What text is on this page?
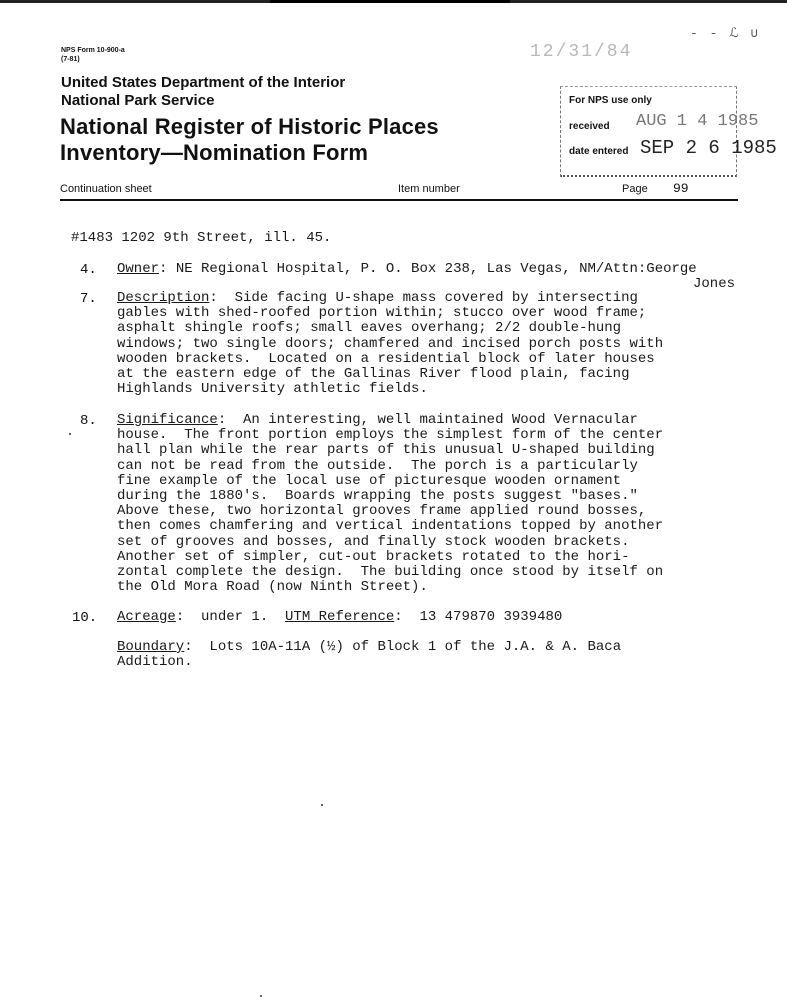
NPS Form 10-900-a
(7-81)	12/31/84
- - ℒ ∪
United States Department of the Interior
National Park Service
National Register of Historic Places
Inventory—Nomination Form
For NPS use only
received AUG 1 4 1985
date entered SEP 2 6 1985
Continuation sheet	Item number	Page 99
#1483 1202 9th Street, ill. 45.
4. Owner: NE Regional Hospital, P. O. Box 238, Las Vegas, NM/Attn:George
Jones
7. Description:  Side facing U-shape mass covered by intersecting
gables with shed-roofed portion within; stucco over wood frame;
asphalt shingle roofs; small eaves overhang; 2/2 double-hung
windows; two single doors; chamfered and incised porch posts with
wooden brackets.  Located on a residential block of later houses
at the eastern edge of the Gallinas River flood plain, facing
Highlands University athletic fields.
8. Significance:  An interesting, well maintained Wood Vernacular
house.  The front portion employs the simplest form of the center
hall plan while the rear parts of this unusual U-shaped building
can not be read from the outside.  The porch is a particularly
fine example of the local use of picturesque wooden ornament
during the 1880's.  Boards wrapping the posts suggest "bases."
Above these, two horizontal grooves frame applied round bosses,
then comes chamfering and vertical indentations topped by another
set of grooves and bosses, and finally stock wooden brackets.
Another set of simpler, cut-out brackets rotated to the hori-
zontal complete the design.  The building once stood by itself on
the Old Mora Road (now Ninth Street).
10. Acreage:  under 1.  UTM Reference:  13 479870 3939480
Boundary:  Lots 10A-11A (½) of Block 1 of the J.A. & A. Baca
Addition.
